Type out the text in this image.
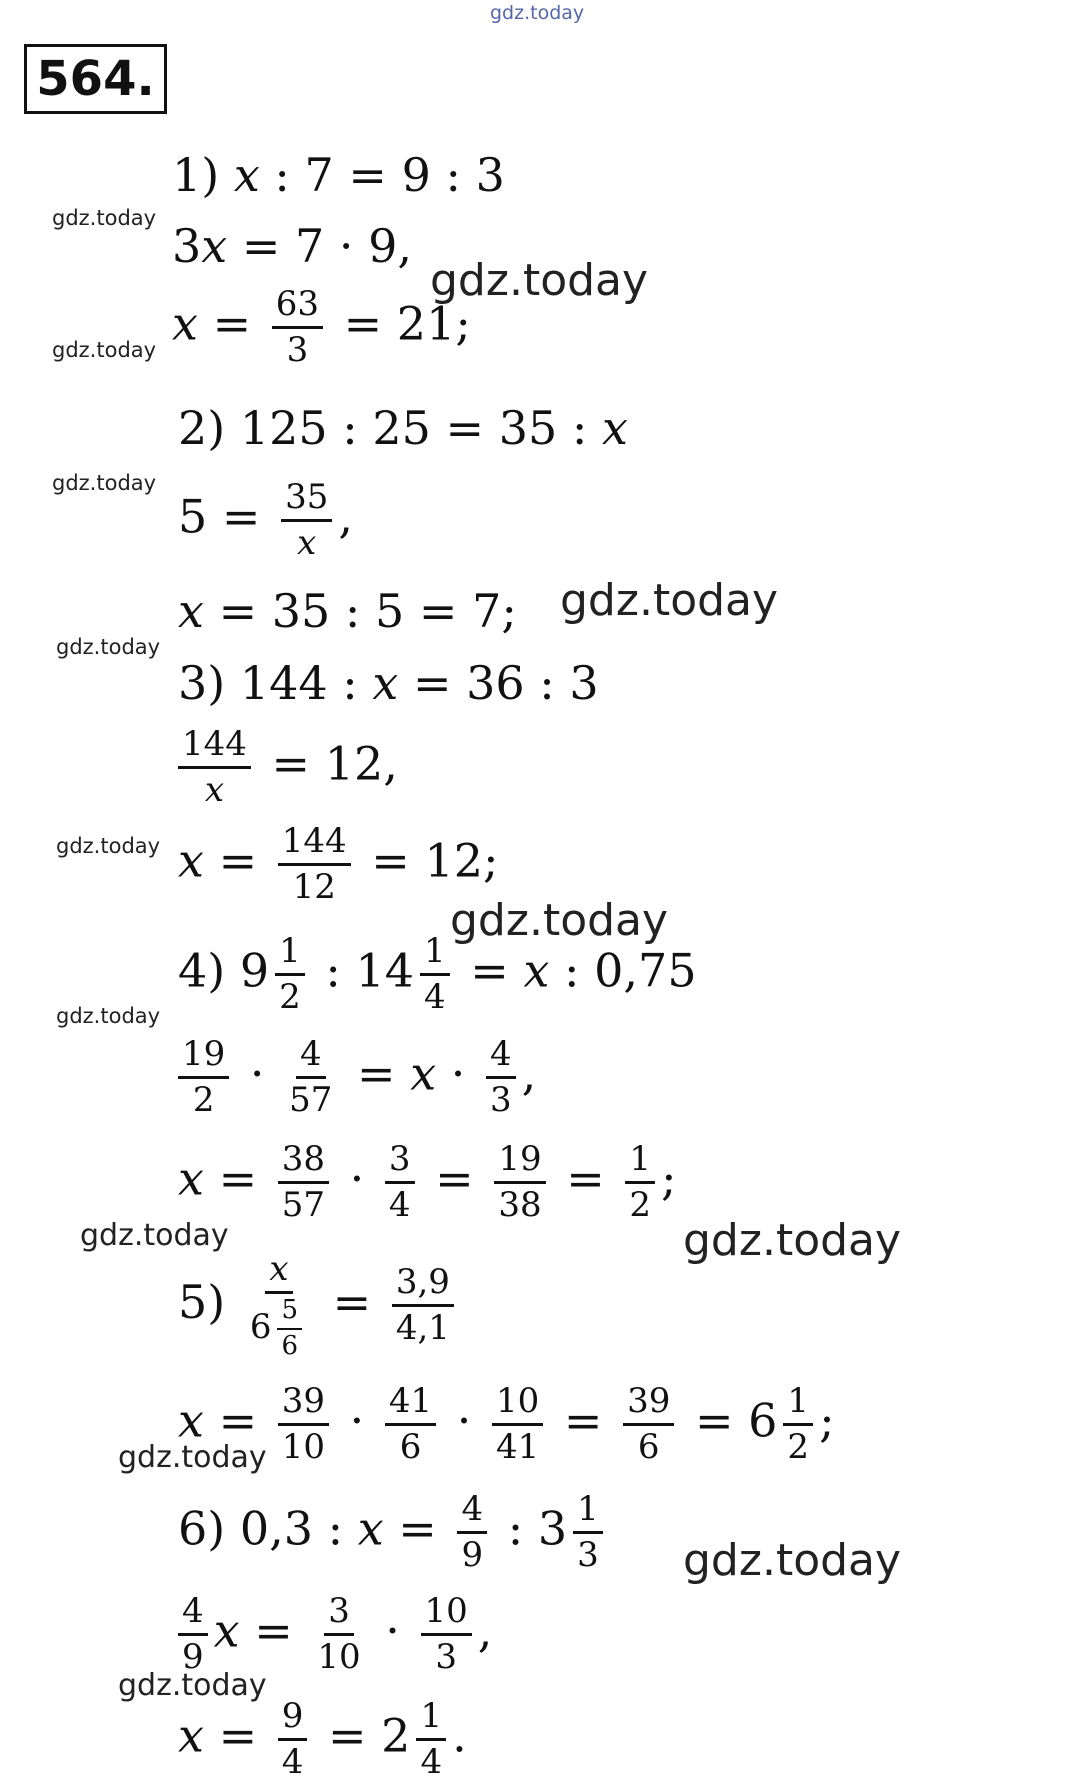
gdz.today
564.
1) x : 7 = 9 : 3
3x = 7 · 9,
$x = \frac{63}{3} = 21$;
2) 125 : 25 = 35 : x
$5 = \frac{35}{x}$ ,
x = 35 : 5 = 7;
3) 144 : x = 36 : 3
$\frac{144}{x} = 12$,
$x = \frac{144}{12} = 12$;
4) $9 \frac{1}{2}$ : $14 \frac{1}{4} = x$ : 0,75
$\frac{19}{2} \cdot \frac{4}{57} = x \cdot \frac{4}{3}$ ,
$x = \frac{38}{57} \cdot \frac{3}{4} = \frac{19}{38} = \frac{1}{2}$ ;
$5) \frac{x}{6 \frac{5}{6}} = \frac{3,9}{4,1}$
$x = \frac{39}{10} \cdot \frac{41}{6} \cdot \frac{10}{41} = \frac{39}{6} = 6 \frac{1}{2}$ ;
6) 0,3 : $x = \frac{4}{9}$ : $3 \frac{1}{3}$
$\frac{4}{9}$ $x = \frac{3}{10} \cdot \frac{10}{3}$ ,
$x = \frac{9}{4} = 2 \frac{1}{4}$ .
gdz.today
gdz.today
gdz.today
gdz.today
gdz.today
gdz.today
gdz.today
gdz.today
gdz.today
gdz.today
gdz.today
gdz.today
gdz.today
gdz.today
